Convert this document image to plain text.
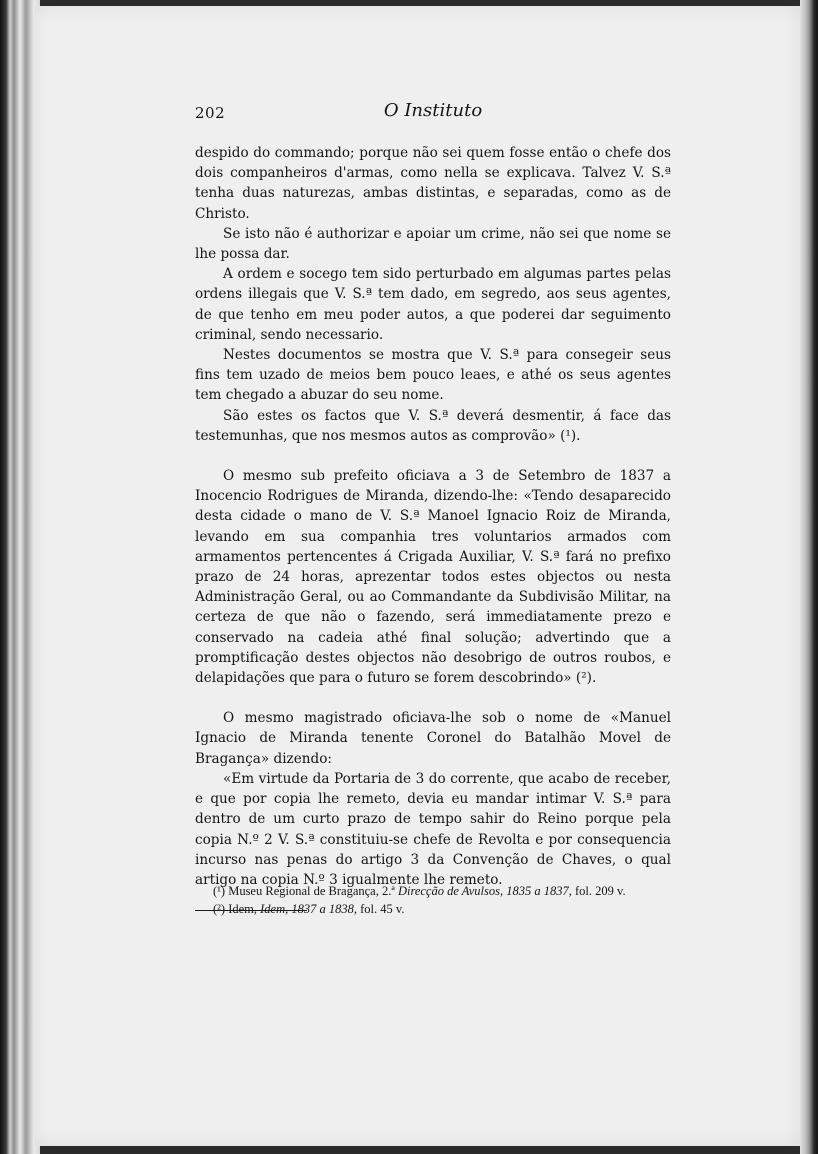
202	O Instituto

despido do commando; porque não sei quem fosse então o chefe dos dois companheiros d'armas, como nella se explicava. Talvez V. S.ª tenha duas naturezas, ambas distintas, e separadas, como as de Christo.

Se isto não é authorizar e apoiar um crime, não sei que nome se lhe possa dar.

A ordem e socego tem sido perturbado em algumas partes pelas ordens illegais que V. S.ª tem dado, em segredo, aos seus agentes, de que tenho em meu poder autos, a que poderei dar seguimento criminal, sendo necessario.

Nestes documentos se mostra que V. S.ª para consegeir seus fins tem uzado de meios bem pouco leaes, e athé os seus agentes tem chegado a abuzar do seu nome.

São estes os factos que V. S.ª deverá desmentir, á face das testemunhas, que nos mesmos autos as comprovão» (¹).

O mesmo sub prefeito oficiava a 3 de Setembro de 1837 a Inocencio Rodrigues de Miranda, dizendo-lhe: «Tendo desaparecido desta cidade o mano de V. S.ª Manoel Ignacio Roiz de Miranda, levando em sua companhia tres voluntarios armados com armamentos pertencentes á Crigada Auxiliar, V. S.ª fará no prefixo prazo de 24 horas, aprezentar todos estes objectos ou nesta Administração Geral, ou ao Commandante da Subdivisão Militar, na certeza de que não o fazendo, será immediatamente prezo e conservado na cadeia athé final solução; advertindo que a promptificação destes objectos não desobrigo de outros roubos, e delapidações que para o futuro se forem descobrindo» (²).

O mesmo magistrado oficiava-lhe sob o nome de «Manuel Ignacio de Miranda tenente Coronel do Batalhão Movel de Bragança» dizendo:

«Em virtude da Portaria de 3 do corrente, que acabo de receber, e que por copia lhe remeto, devia eu mandar intimar V. S.ª para dentro de um curto prazo de tempo sahir do Reino porque pela copia N.º 2 V. S.ª constituiu-se chefe de Revolta e por consequencia incurso nas penas do artigo 3 da Convenção de Chaves, o qual artigo na copia N.º 3 igualmente lhe remeto.

(¹) Museu Regional de Bragança, 2.ª Direcção de Avulsos, 1835 a 1837, fol. 209 v.
(²) Idem, Idem, 1837 a 1838, fol. 45 v.
